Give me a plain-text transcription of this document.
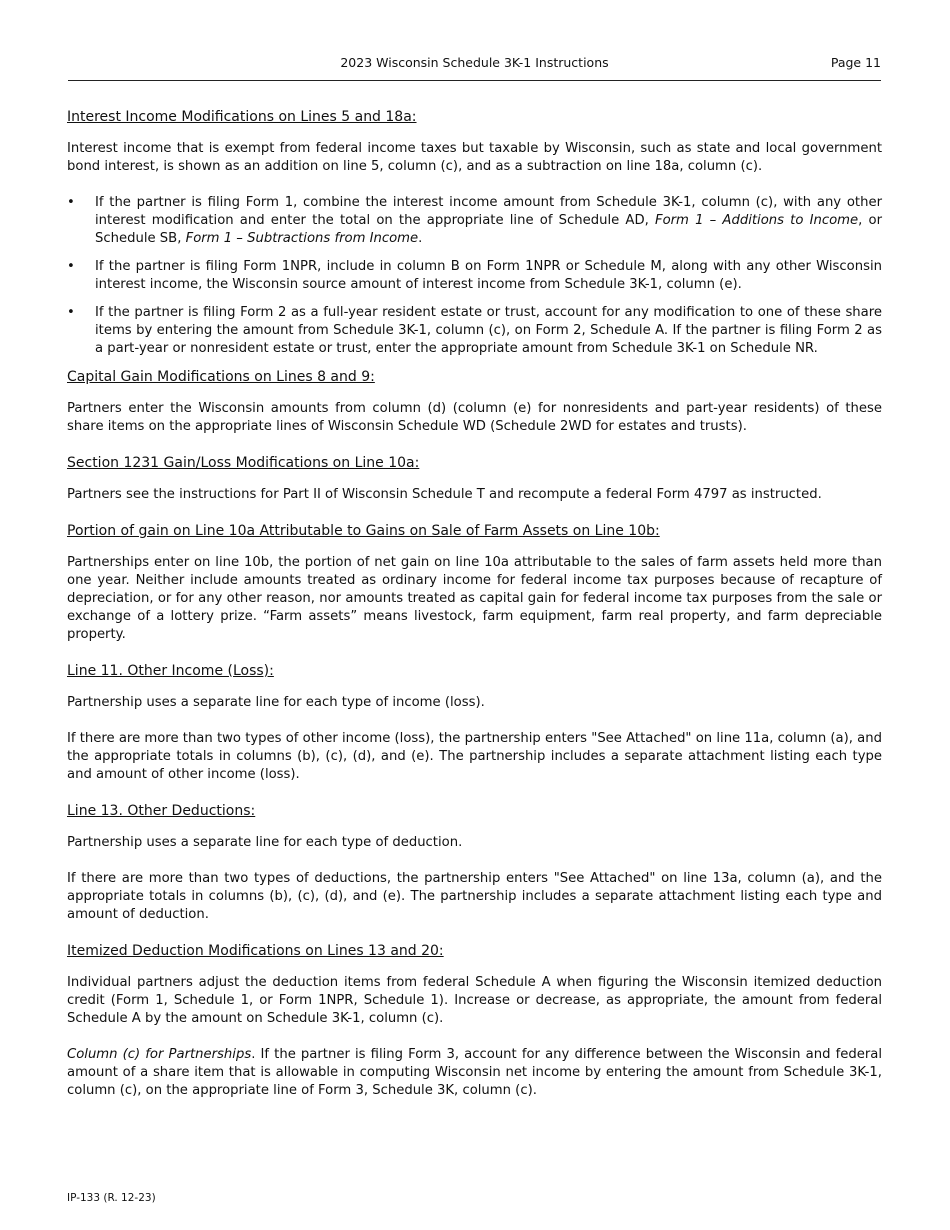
2023 Wisconsin Schedule 3K-1 Instructions	Page 11
Interest Income Modifications on Lines 5 and 18a:

Interest income that is exempt from federal income taxes but taxable by Wisconsin, such as state and local government bond interest, is shown as an addition on line 5, column (c), and as a subtraction on line 18a, column (c).

• If the partner is filing Form 1, combine the interest income amount from Schedule 3K-1, column (c), with any other interest modification and enter the total on the appropriate line of Schedule AD, Form 1 – Additions to Income, or Schedule SB, Form 1 – Subtractions from Income.
• If the partner is filing Form 1NPR, include in column B on Form 1NPR or Schedule M, along with any other Wisconsin interest income, the Wisconsin source amount of interest income from Schedule 3K-1, column (e).
• If the partner is filing Form 2 as a full-year resident estate or trust, account for any modification to one of these share items by entering the amount from Schedule 3K-1, column (c), on Form 2, Schedule A. If the partner is filing Form 2 as a part-year or nonresident estate or trust, enter the appropriate amount from Schedule 3K-1 on Schedule NR.
Capital Gain Modifications on Lines 8 and 9:

Partners enter the Wisconsin amounts from column (d) (column (e) for nonresidents and part-year residents) of these share items on the appropriate lines of Wisconsin Schedule WD (Schedule 2WD for estates and trusts).

Section 1231 Gain/Loss Modifications on Line 10a:

Partners see the instructions for Part II of Wisconsin Schedule T and recompute a federal Form 4797 as instructed.

Portion of gain on Line 10a Attributable to Gains on Sale of Farm Assets on Line 10b:

Partnerships enter on line 10b, the portion of net gain on line 10a attributable to the sales of farm assets held more than one year. Neither include amounts treated as ordinary income for federal income tax purposes because of recapture of depreciation, or for any other reason, nor amounts treated as capital gain for federal income tax purposes from the sale or exchange of a lottery prize. “Farm assets” means livestock, farm equipment, farm real property, and farm depreciable property.

Line 11. Other Income (Loss):

Partnership uses a separate line for each type of income (loss).

If there are more than two types of other income (loss), the partnership enters "See Attached" on line 11a, column (a), and the appropriate totals in columns (b), (c), (d), and (e). The partnership includes a separate attachment listing each type and amount of other income (loss).

Line 13. Other Deductions:

Partnership uses a separate line for each type of deduction.

If there are more than two types of deductions, the partnership enters "See Attached" on line 13a, column (a), and the appropriate totals in columns (b), (c), (d), and (e). The partnership includes a separate attachment listing each type and amount of deduction.

Itemized Deduction Modifications on Lines 13 and 20:

Individual partners adjust the deduction items from federal Schedule A when figuring the Wisconsin itemized deduction credit (Form 1, Schedule 1, or Form 1NPR, Schedule 1). Increase or decrease, as appropriate, the amount from federal Schedule A by the amount on Schedule 3K-1, column (c).

Column (c) for Partnerships. If the partner is filing Form 3, account for any difference between the Wisconsin and federal amount of a share item that is allowable in computing Wisconsin net income by entering the amount from Schedule 3K-1, column (c), on the appropriate line of Form 3, Schedule 3K, column (c).

IP-133 (R. 12-23)
